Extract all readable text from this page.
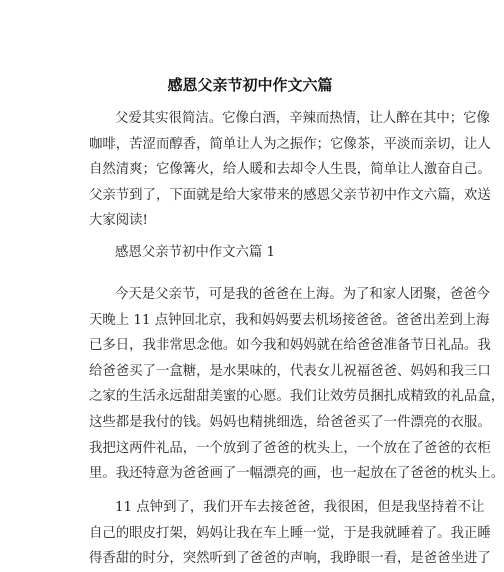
感恩父亲节初中作文六篇
父爱其实很简洁。它像白酒，辛辣而热情，让人醉在其中；它像
咖啡，苦涩而醇香，简单让人为之振作；它像茶，平淡而亲切，让人
自然清爽；它像篝火，给人暖和去却令人生畏，简单让人激奋自己。
父亲节到了，下面就是给大家带来的感恩父亲节初中作文六篇，欢送
大家阅读!
感恩父亲节初中作文六篇 1
今天是父亲节，可是我的爸爸在上海。为了和家人团聚，爸爸今
天晚上 11 点钟回北京，我和妈妈要去机场接爸爸。爸爸出差到上海
已多日，我非常思念他。如今我和妈妈就在给爸爸准备节日礼品。我
给爸爸买了一盒糖，是水果味的，代表女儿祝福爸爸、妈妈和我三口
之家的生活永远甜甜美蜜的心愿。我们让效劳员捆扎成精致的礼品盒，
这些都是我付的钱。妈妈也精挑细选，给爸爸买了一件漂亮的衣服。
我把这两件礼品，一个放到了爸爸的枕头上，一个放在了爸爸的衣柜
里。我还特意为爸爸画了一幅漂亮的画，也一起放在了爸爸的枕头上。
11 点钟到了，我们开车去接爸爸，我很困，但是我坚持着不让
自己的眼皮打架，妈妈让我在车上睡一觉，于是我就睡着了。我正睡
得香甜的时分，突然听到了爸爸的声响，我睁眼一看，是爸爸坐进了
